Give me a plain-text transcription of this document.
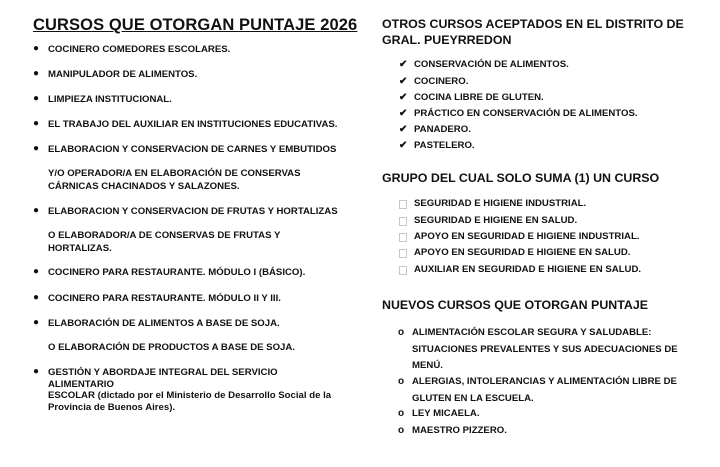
CURSOS QUE OTORGAN PUNTAJE 2026
● COCINERO COMEDORES ESCOLARES.
● MANIPULADOR DE ALIMENTOS.
● LIMPIEZA INSTITUCIONAL.
● EL TRABAJO DEL AUXILIAR EN INSTITUCIONES EDUCATIVAS.
● ELABORACION Y CONSERVACION DE CARNES Y EMBUTIDOS
Y/O OPERADOR/A EN ELABORACIÓN DE CONSERVAS CÁRNICAS CHACINADOS Y SALAZONES.
● ELABORACION Y CONSERVACION DE FRUTAS Y HORTALIZAS
O ELABORADOR/A DE CONSERVAS DE FRUTAS Y HORTALIZAS.
● COCINERO PARA RESTAURANTE. MÓDULO I (BÁSICO).
● COCINERO PARA RESTAURANTE. MÓDULO II Y III.
● ELABORACIÓN DE ALIMENTOS A BASE DE SOJA.
O ELABORACIÓN DE PRODUCTOS A BASE DE SOJA.
● GESTIÓN Y ABORDAJE INTEGRAL DEL SERVICIO
ALIMENTARIO
ESCOLAR (dictado por el Ministerio de Desarrollo Social de la
Provincia de Buenos Aires).
OTROS CURSOS ACEPTADOS EN EL DISTRITO DE GRAL. PUEYRREDON
✔ CONSERVACIÓN DE ALIMENTOS.
✔ COCINERO.
✔ COCINA LIBRE DE GLUTEN.
✔ PRÁCTICO EN CONSERVACIÓN DE ALIMENTOS.
✔ PANADERO.
✔ PASTELERO.
GRUPO DEL CUAL SOLO SUMA (1) UN CURSO
SEGURIDAD E HIGIENE INDUSTRIAL.
SEGURIDAD E HIGIENE EN SALUD.
APOYO EN SEGURIDAD E HIGIENE INDUSTRIAL.
APOYO EN SEGURIDAD E HIGIENE EN SALUD.
AUXILIAR EN SEGURIDAD E HIGIENE EN SALUD.
NUEVOS CURSOS QUE OTORGAN PUNTAJE
o ALIMENTACIÓN ESCOLAR SEGURA Y SALUDABLE: SITUACIONES PREVALENTES Y SUS ADECUACIONES DE MENÚ.
o ALERGIAS, INTOLERANCIAS Y ALIMENTACIÓN LIBRE DE GLUTEN EN LA ESCUELA.
o LEY MICAELA.
o MAESTRO PIZZERO.
